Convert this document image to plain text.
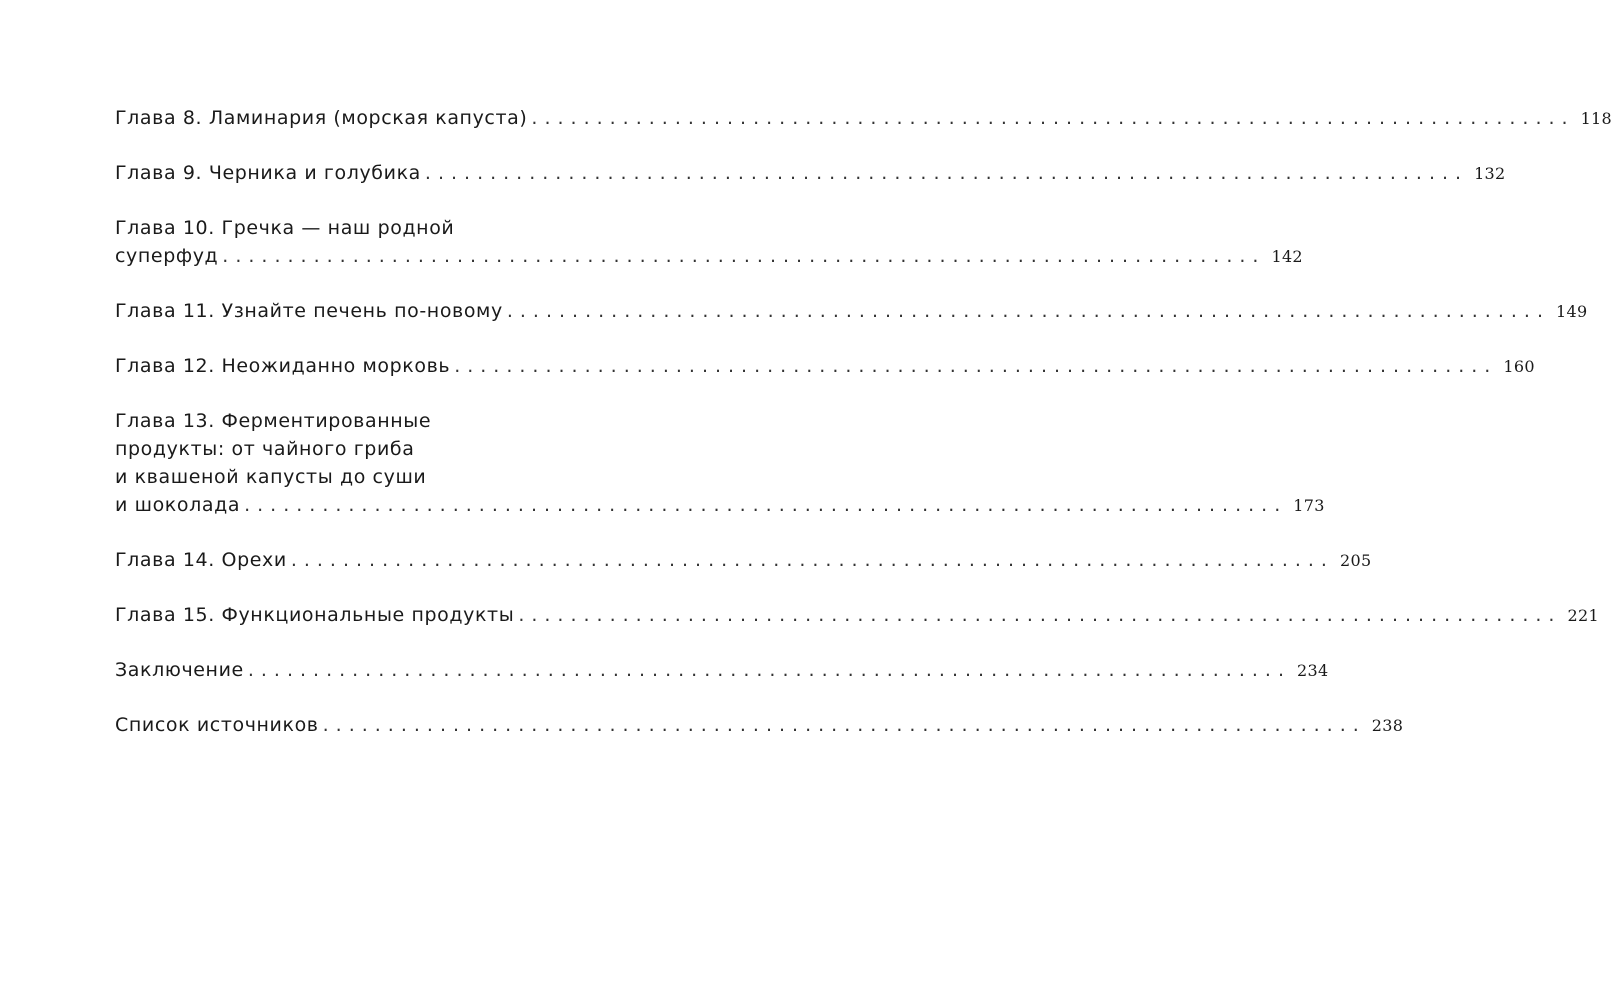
Глава 8. Ламинария (морская капуста) ................................................................................ 118
Глава 9. Черника и голубика ................................................................................ 132
Глава 10. Гречка — наш родной
суперфуд ................................................................................ 142
Глава 11. Узнайте печень по-новому ................................................................................ 149
Глава 12. Неожиданно морковь ................................................................................ 160
Глава 13. Ферментированные
продукты: от чайного гриба
и квашеной капусты до суши
и шоколада ................................................................................ 173
Глава 14. Орехи ................................................................................ 205
Глава 15. Функциональные продукты ................................................................................ 221
Заключение ................................................................................ 234
Список источников ................................................................................ 238
